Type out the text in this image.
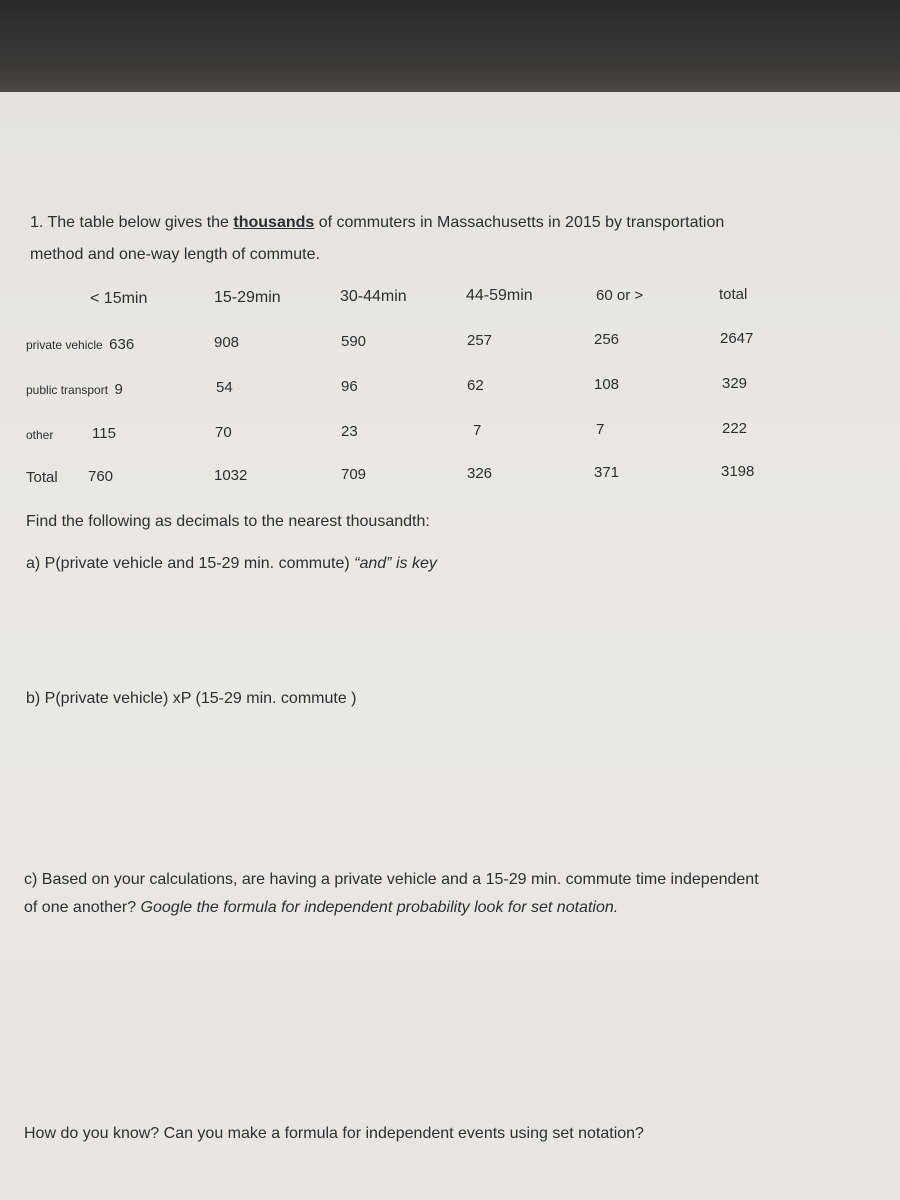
1. The table below gives the thousands of commuters in Massachusetts in 2015 by transportation
method and one-way length of commute.
< 15min	15-29min	30-44min	44-59min	60 or >	total
private vehicle 636	908	590	257	256	2647
public transport 9	54	96	62	108	329
other	115	70	23	7	7	222
Total 760	1032	709	326	371	3198
Find the following as decimals to the nearest thousandth:
a) P(private vehicle and 15-29 min. commute) “and” is key
b) P(private vehicle) xP (15-29 min. commute )
c) Based on your calculations, are having a private vehicle and a 15-29 min. commute time independent
of one another? Google the formula for independent probability look for set notation.
How do you know? Can you make a formula for independent events using set notation?
